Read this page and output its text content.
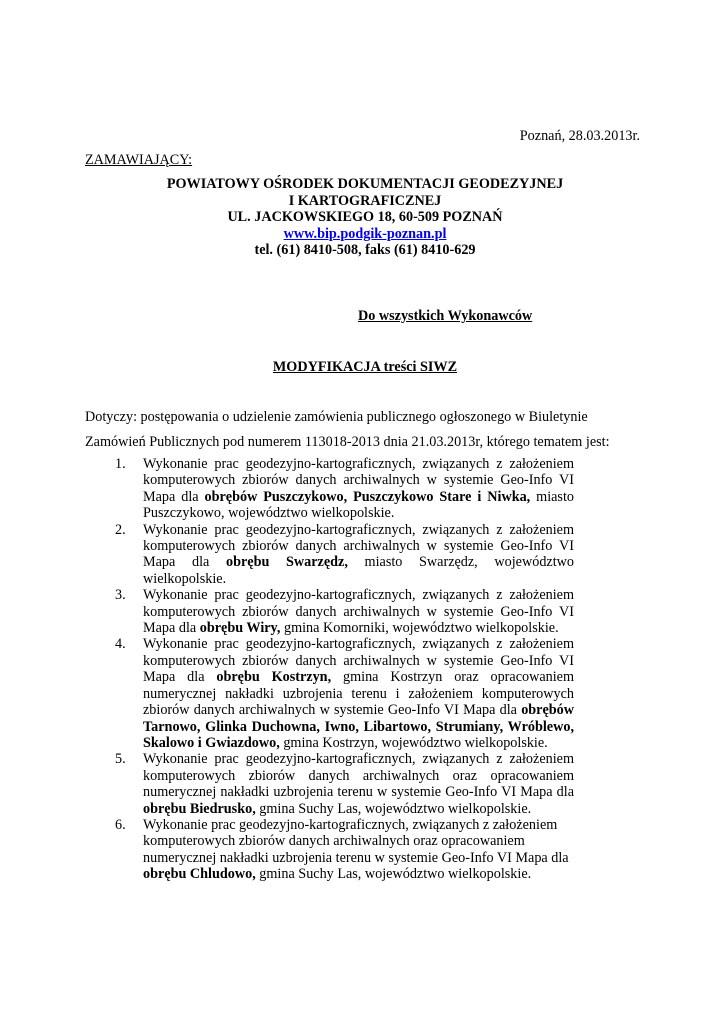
Poznań, 28.03.2013r.
ZAMAWIAJĄCY:
POWIATOWY OŚRODEK DOKUMENTACJI GEODEZYJNEJ
I KARTOGRAFICZNEJ
UL. JACKOWSKIEGO 18, 60-509 POZNAŃ
www.bip.podgik-poznan.pl
tel. (61) 8410-508, faks (61) 8410-629
Do wszystkich Wykonawców
MODYFIKACJA treści SIWZ

Dotyczy: postępowania o udzielenie zamówienia publicznego ogłoszonego w Biuletynie

Zamówień Publicznych pod numerem 113018-2013 dnia 21.03.2013r, którego tematem jest:

1. Wykonanie prac geodezyjno-kartograficznych, związanych z założeniem komputerowych zbiorów danych archiwalnych w systemie Geo-Info VI Mapa dla obrębów Puszczykowo, Puszczykowo Stare i Niwka, miasto Puszczykowo, województwo wielkopolskie.
2. Wykonanie prac geodezyjno-kartograficznych, związanych z założeniem komputerowych zbiorów danych archiwalnych w systemie Geo-Info VI Mapa dla obrębu Swarzędz, miasto Swarzędz, województwo wielkopolskie.
3. Wykonanie prac geodezyjno-kartograficznych, związanych z założeniem komputerowych zbiorów danych archiwalnych w systemie Geo-Info VI Mapa dla obrębu Wiry, gmina Komorniki, województwo wielkopolskie.
4. Wykonanie prac geodezyjno-kartograficznych, związanych z założeniem komputerowych zbiorów danych archiwalnych w systemie Geo-Info VI Mapa dla obrębu Kostrzyn, gmina Kostrzyn oraz opracowaniem numerycznej nakładki uzbrojenia terenu i założeniem komputerowych zbiorów danych archiwalnych w systemie Geo-Info VI Mapa dla obrębów Tarnowo, Glinka Duchowna, Iwno, Libartowo, Strumiany, Wróblewo, Skalowo i Gwiazdowo, gmina Kostrzyn, województwo wielkopolskie.
5. Wykonanie prac geodezyjno-kartograficznych, związanych z założeniem komputerowych zbiorów danych archiwalnych oraz opracowaniem numerycznej nakładki uzbrojenia terenu w systemie Geo-Info VI Mapa dla obrębu Biedrusko, gmina Suchy Las, województwo wielkopolskie.
6. Wykonanie prac geodezyjno-kartograficznych, związanych z założeniem komputerowych zbiorów danych archiwalnych oraz opracowaniem numerycznej nakładki uzbrojenia terenu w systemie Geo-Info VI Mapa dla obrębu Chludowo, gmina Suchy Las, województwo wielkopolskie.
